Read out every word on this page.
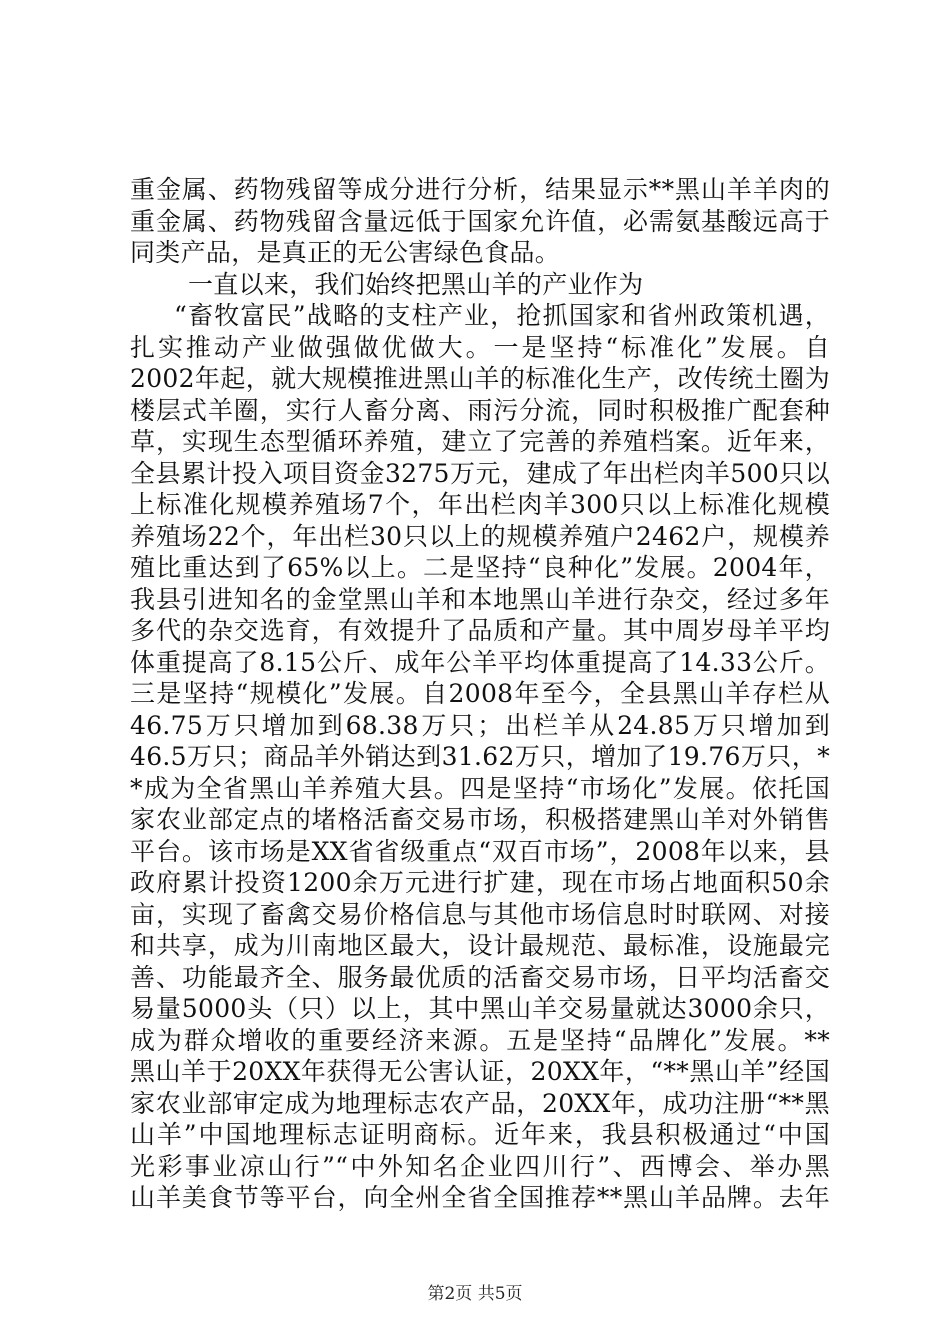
重金属、药物残留等成分进行分析，结果显示**黑山羊羊肉的
重金属、药物残留含量远低于国家允许值，必需氨基酸远高于
同类产品，是真正的无公害绿色食品。
一直以来，我们始终把黑山羊的产业作为
“畜牧富民”战略的支柱产业，抢抓国家和省州政策机遇，
扎实推动产业做强做优做大。一是坚持“标准化”发展。自
2002年起，就大规模推进黑山羊的标准化生产，改传统土圈为
楼层式羊圈，实行人畜分离、雨污分流，同时积极推广配套种
草，实现生态型循环养殖，建立了完善的养殖档案。近年来，
全县累计投入项目资金3275万元，建成了年出栏肉羊500只以
上标准化规模养殖场7个，年出栏肉羊300只以上标准化规模
养殖场22个，年出栏30只以上的规模养殖户2462户，规模养
殖比重达到了65%以上。二是坚持“良种化”发展。2004年，
我县引进知名的金堂黑山羊和本地黑山羊进行杂交，经过多年
多代的杂交选育，有效提升了品质和产量。其中周岁母羊平均
体重提高了8.15公斤、成年公羊平均体重提高了14.33公斤。
三是坚持“规模化”发展。自2008年至今，全县黑山羊存栏从
46.75万只增加到68.38万只；出栏羊从24.85万只增加到
46.5万只；商品羊外销达到31.62万只，增加了19.76万只，*
*成为全省黑山羊养殖大县。四是坚持“市场化”发展。依托国
家农业部定点的堵格活畜交易市场，积极搭建黑山羊对外销售
平台。该市场是XX省省级重点“双百市场”，2008年以来，县
政府累计投资1200余万元进行扩建，现在市场占地面积50余
亩，实现了畜禽交易价格信息与其他市场信息时时联网、对接
和共享，成为川南地区最大，设计最规范、最标准，设施最完
善、功能最齐全、服务最优质的活畜交易市场，日平均活畜交
易量5000头（只）以上，其中黑山羊交易量就达3000余只，
成为群众增收的重要经济来源。五是坚持“品牌化”发展。**
黑山羊于20XX年获得无公害认证，20XX年，“**黑山羊”经国
家农业部审定成为地理标志农产品，20XX年，成功注册“**黑
山羊”中国地理标志证明商标。近年来，我县积极通过“中国
光彩事业凉山行”“中外知名企业四川行”、西博会、举办黑
山羊美食节等平台，向全州全省全国推荐**黑山羊品牌。去年
第2页 共5页
